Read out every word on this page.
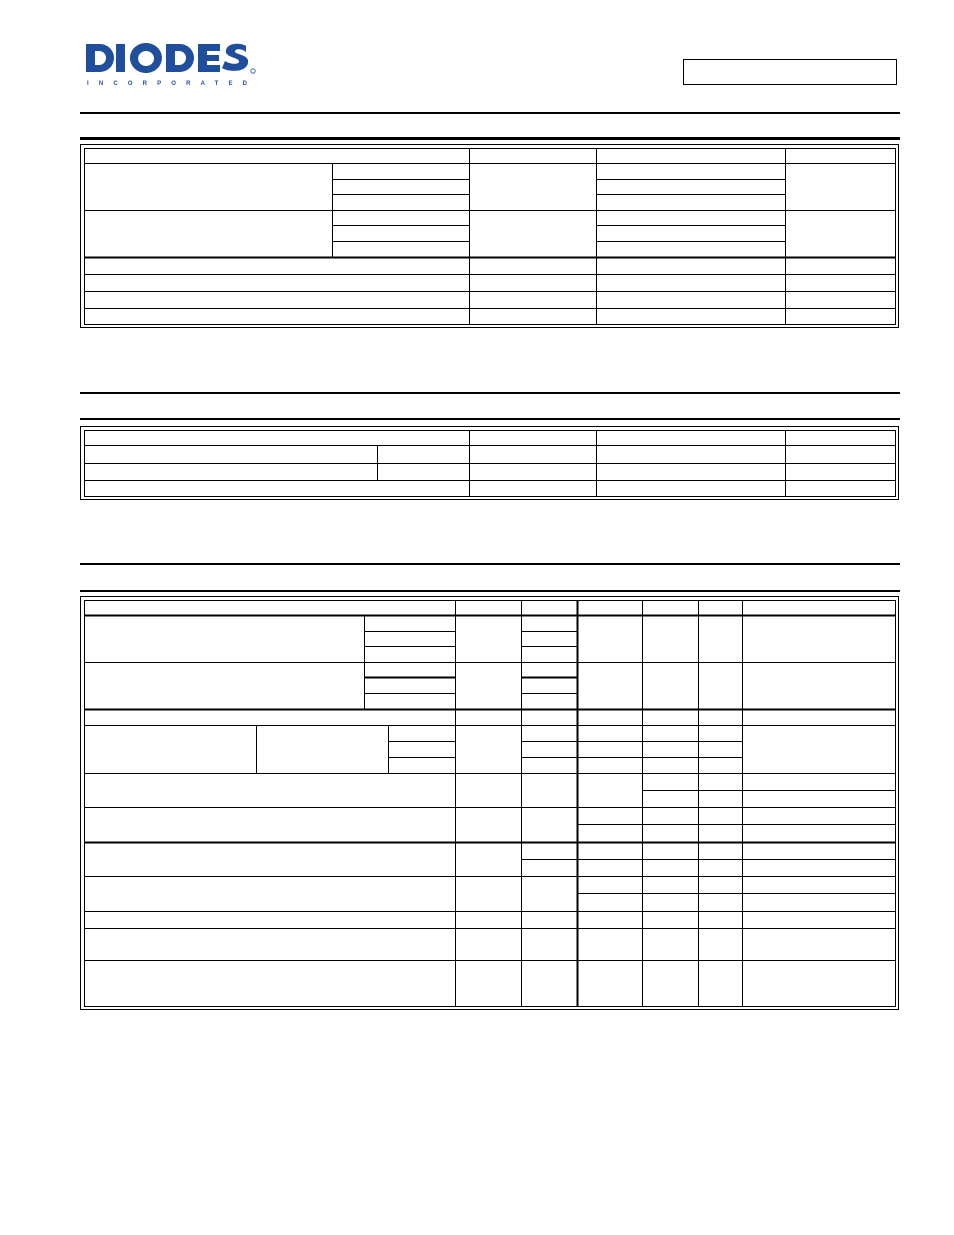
INCORPORATED
